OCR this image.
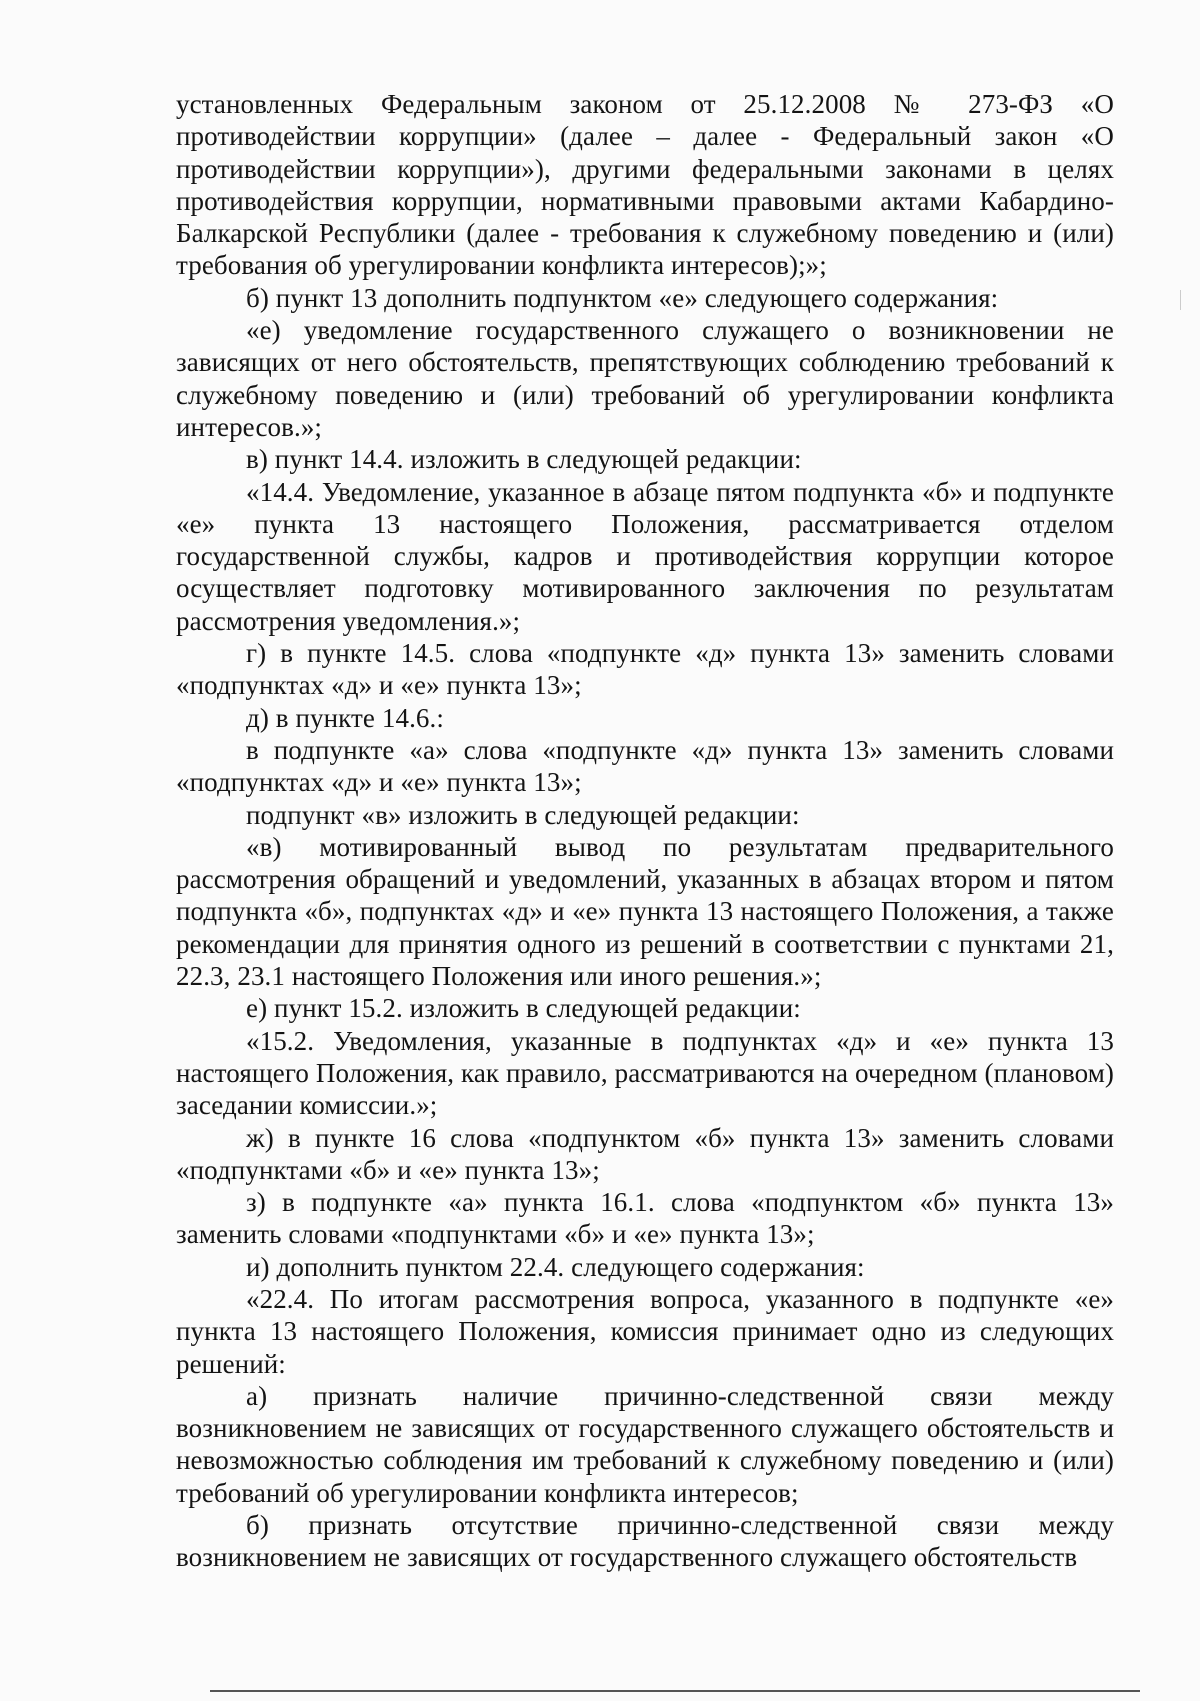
установленных Федеральным законом от 25.12.2008 № 273-ФЗ «О противодействии коррупции» (далее – далее - Федеральный закон «О противодействии коррупции»), другими федеральными законами в целях противодействия коррупции, нормативными правовыми актами Кабардино-Балкарской Республики (далее - требования к служебному поведению и (или) требования об урегулировании конфликта интересов);»;

б) пункт 13 дополнить подпунктом «е» следующего содержания:

«е) уведомление государственного служащего о возникновении не зависящих от него обстоятельств, препятствующих соблюдению требований к служебному поведению и (или) требований об урегулировании конфликта интересов.»;

в) пункт 14.4. изложить в следующей редакции:

«14.4. Уведомление, указанное в абзаце пятом подпункта «б» и подпункте «е» пункта 13 настоящего Положения, рассматривается отделом государственной службы, кадров и противодействия коррупции которое осуществляет подготовку мотивированного заключения по результатам рассмотрения уведомления.»;

г) в пункте 14.5. слова «подпункте «д» пункта 13» заменить словами «подпунктах «д» и «е» пункта 13»;

д) в пункте 14.6.:

в подпункте «а» слова «подпункте «д» пункта 13» заменить словами «подпунктах «д» и «е» пункта 13»;

подпункт «в» изложить в следующей редакции:

«в) мотивированный вывод по результатам предварительного рассмотрения обращений и уведомлений, указанных в абзацах втором и пятом подпункта «б», подпунктах «д» и «е» пункта 13 настоящего Положения, а также рекомендации для принятия одного из решений в соответствии с пунктами 21, 22.3, 23.1 настоящего Положения или иного решения.»;

е) пункт 15.2. изложить в следующей редакции:

«15.2. Уведомления, указанные в подпунктах «д» и «е» пункта 13 настоящего Положения, как правило, рассматриваются на очередном (плановом) заседании комиссии.»;

ж) в пункте 16 слова «подпунктом «б» пункта 13» заменить словами «подпунктами «б» и «е» пункта 13»;

з) в подпункте «а» пункта 16.1. слова «подпунктом «б» пункта 13» заменить словами «подпунктами «б» и «е» пункта 13»;

и) дополнить пунктом 22.4. следующего содержания:

«22.4. По итогам рассмотрения вопроса, указанного в подпункте «е» пункта 13 настоящего Положения, комиссия принимает одно из следующих решений:

а) признать наличие причинно-следственной связи между возникновением не зависящих от государственного служащего обстоятельств и невозможностью соблюдения им требований к служебному поведению и (или) требований об урегулировании конфликта интересов;

б) признать отсутствие причинно-следственной связи между возникновением не зависящих от государственного служащего обстоятельств
